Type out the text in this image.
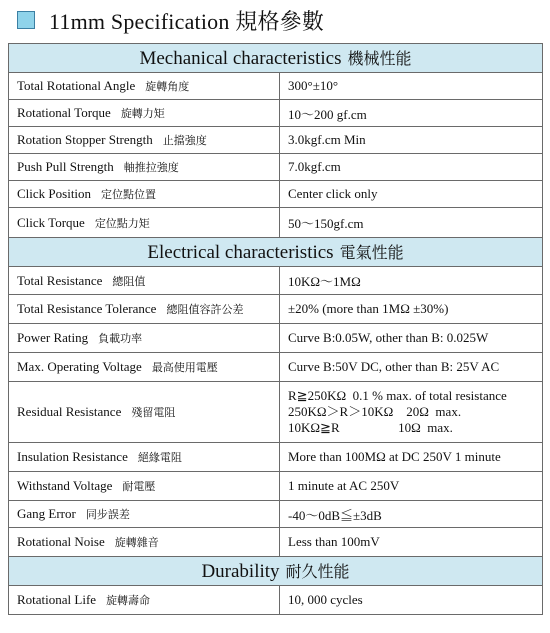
11mm Specification 規格參數
Mechanical characteristics 機械性能	
Total Rotational Angle 旋轉角度	300°±10°
Rotational Torque 旋轉力矩	10～200 gf.cm
Rotation Stopper Strength 止擋強度	3.0kgf.cm Min
Push Pull Strength 軸推拉強度	7.0kgf.cm
Click Position 定位點位置	Center click only
Click Torque 定位點力矩	50～150gf.cm
Electrical characteristics 電氣性能	
Total Resistance 總阻值	10KΩ～1MΩ
Total Resistance Tolerance 總阻值容許公差	±20% (more than 1MΩ ±30%)
Power Rating 負載功率	Curve B:0.05W, other than B: 0.025W
Max. Operating Voltage 最高使用電壓	Curve B:50V DC, other than B: 25V AC
Residual Resistance 殘留電阻	R≧250KΩ  0.1 % max. of total resistance
250KΩ＞R＞10KΩ    20Ω  max.
10KΩ≧R                  10Ω  max.

Insulation Resistance 絕緣電阻	More than 100MΩ at DC 250V 1 minute
Withstand Voltage 耐電壓	1 minute at AC 250V
Gang Error 同步誤差	-40～0dB≦±3dB
Rotational Noise 旋轉雜音	Less than 100mV
Durability 耐久性能	
Rotational Life 旋轉壽命	10, 000 cycles
